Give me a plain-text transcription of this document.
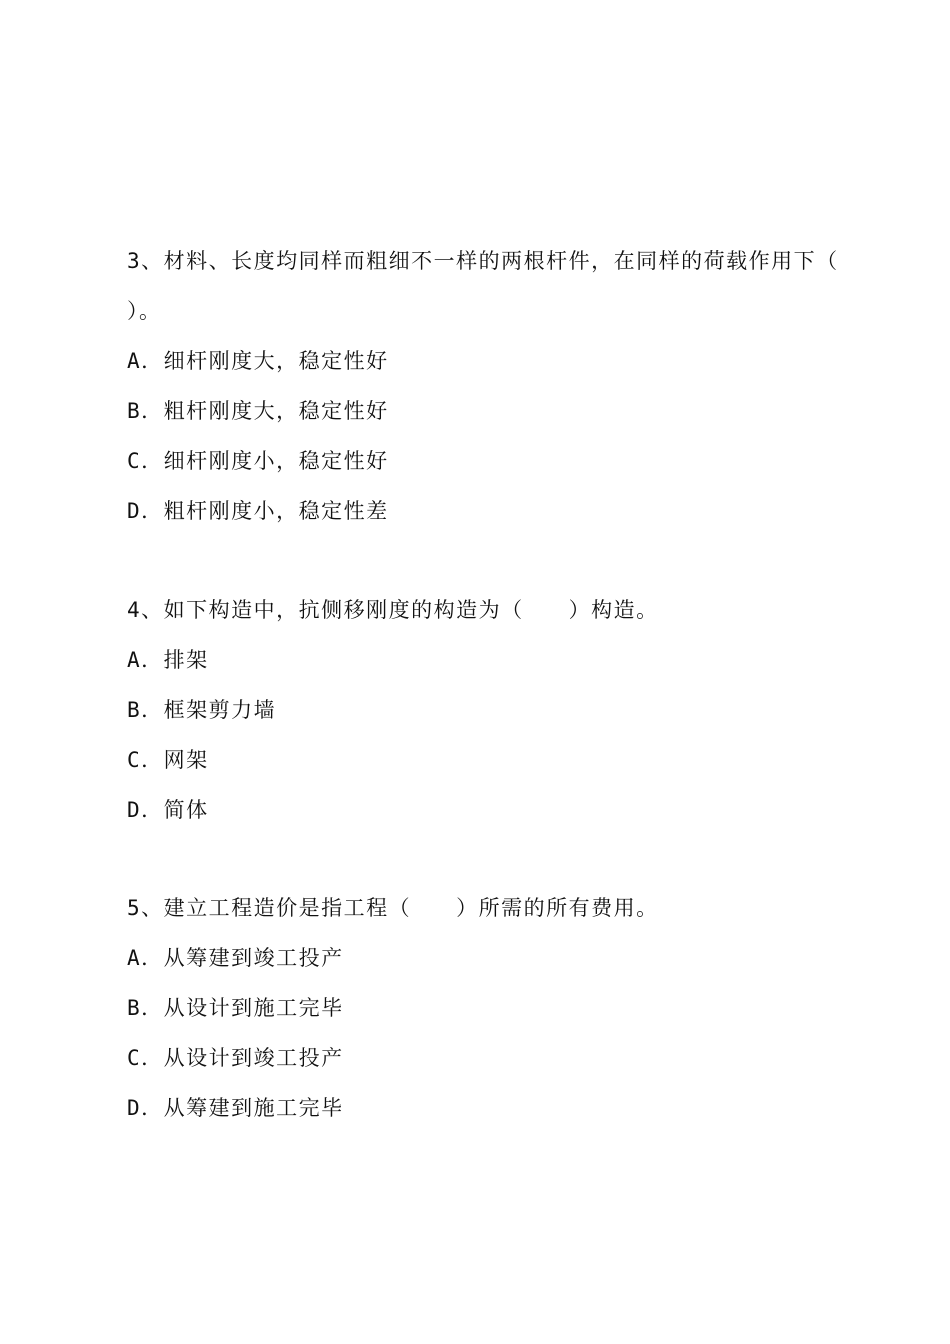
3、材料、长度均同样而粗细不一样的两根杆件，在同样的荷载作用下（
）。
A．细杆刚度大，稳定性好
B．粗杆刚度大，稳定性好
C．细杆刚度小，稳定性好
D．粗杆刚度小，稳定性差
4、如下构造中，抗侧移刚度的构造为（　　）构造。
A．排架
B．框架剪力墙
C．网架
D．简体
5、建立工程造价是指工程（　　）所需的所有费用。
A．从筹建到竣工投产
B．从设计到施工完毕
C．从设计到竣工投产
D．从筹建到施工完毕
